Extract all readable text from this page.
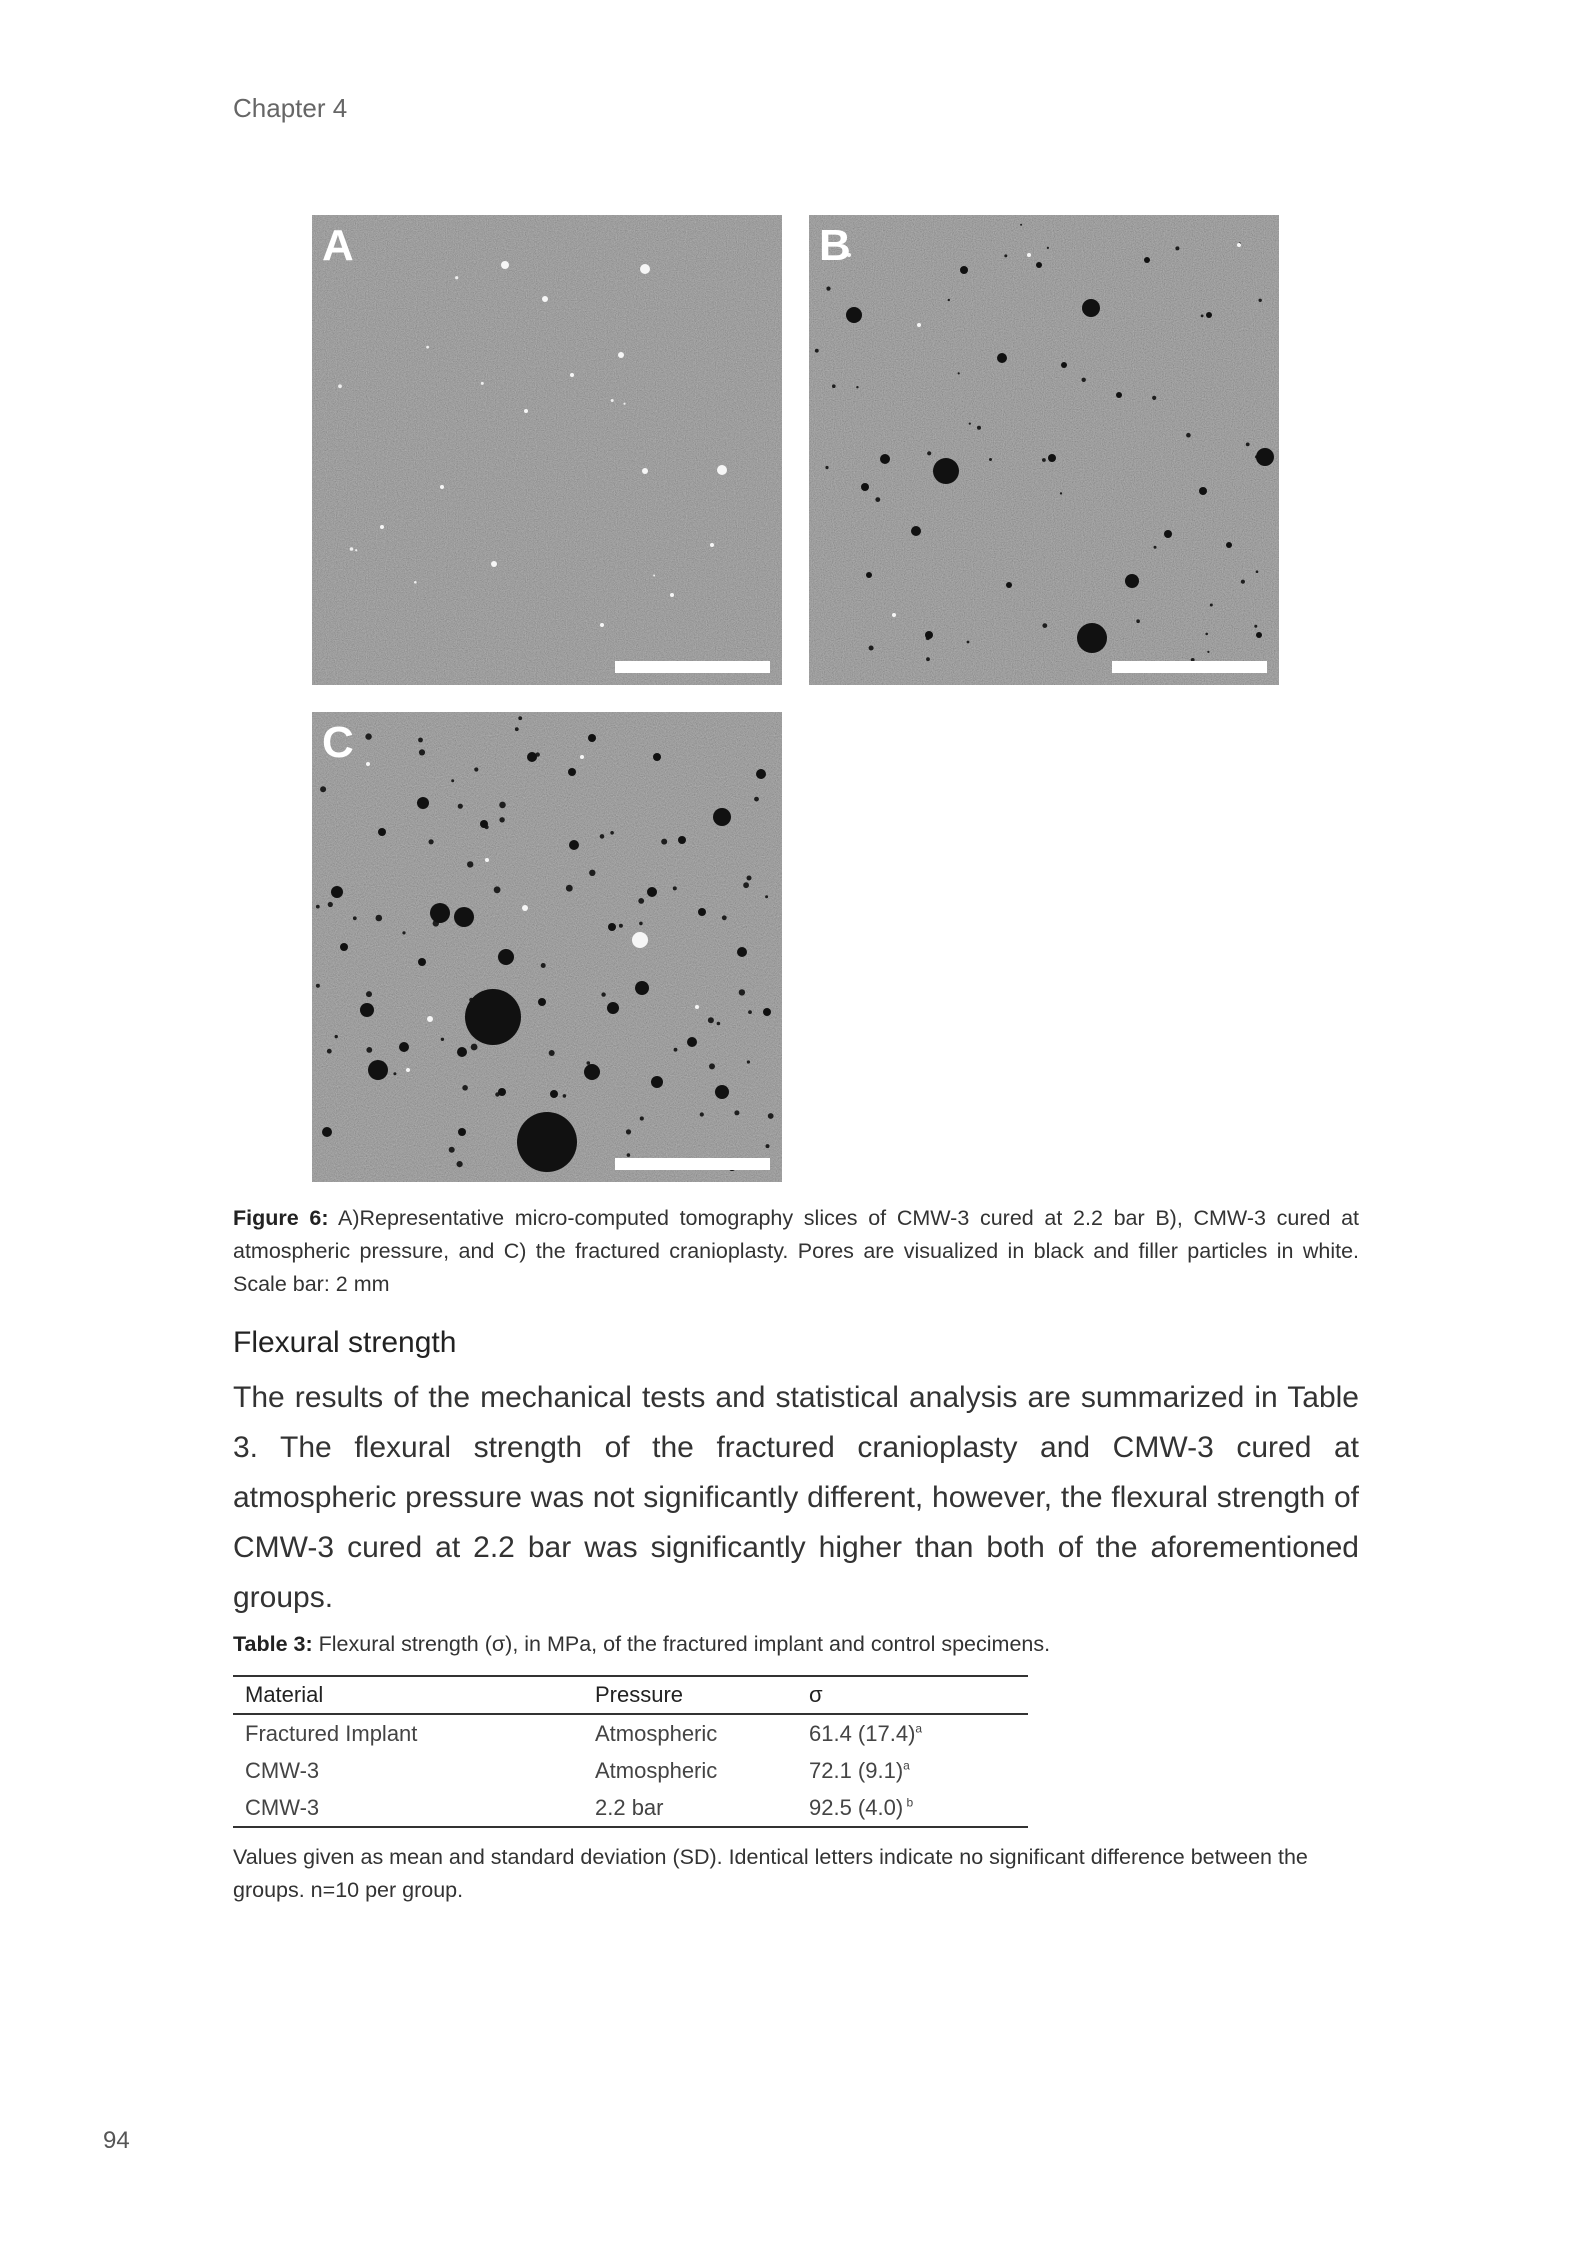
Chapter 4
A	B
C
Figure 6: A)Representative micro-computed tomography slices of CMW-3 cured at 2.2 bar B), CMW-3 cured at atmospheric pressure, and C) the fractured cranioplasty. Pores are visualized in black and filler particles in white. Scale bar: 2 mm
Flexural strength
The results of the mechanical tests and statistical analysis are summarized in Table 3. The flexural strength of the fractured cranioplasty and CMW-3 cured at atmospheric pressure was not significantly different, however, the flexural strength of CMW-3 cured at 2.2 bar was significantly higher than both of the aforementioned groups.
Table 3: Flexural strength (σ), in MPa, of the fractured implant and control specimens.
Material	Pressure	σ
Fractured Implant	Atmospheric	61.4 $(17.4)^a$
CMW-3	Atmospheric	72.1 $(9.1)^a$
CMW-3	2.2 bar	92.5 (4.0) $^b$
Values given as mean and standard deviation (SD). Identical letters indicate no significant difference between the groups. n=10 per group.
94
